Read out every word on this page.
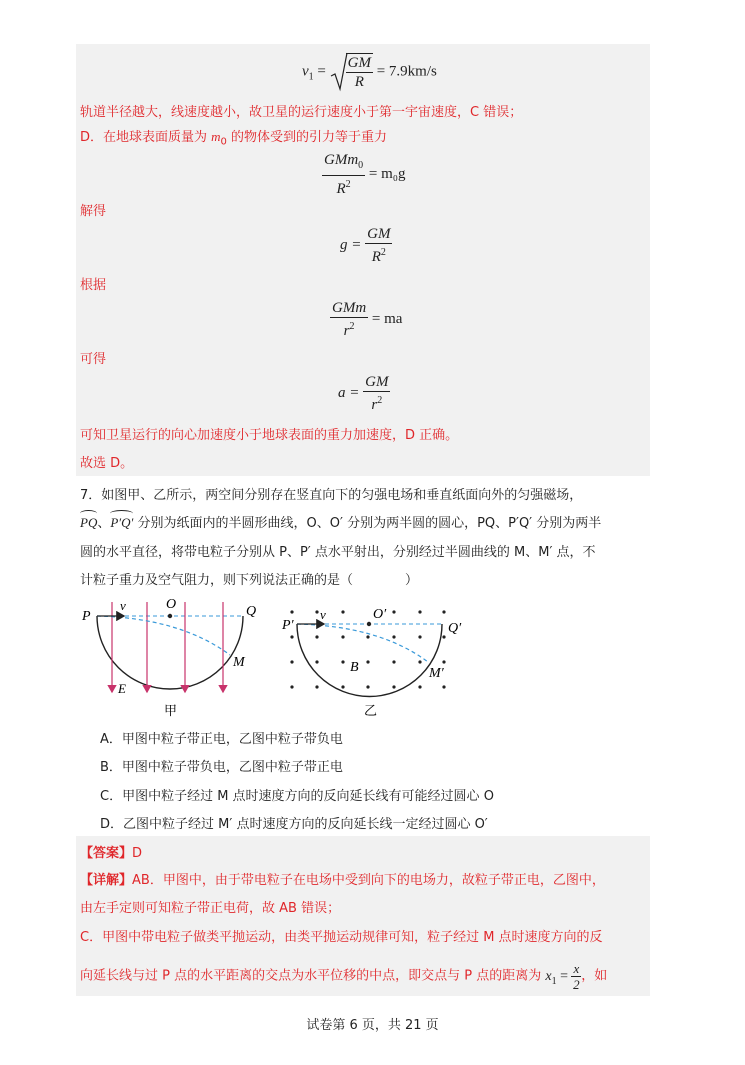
$v_1 = \frac{GM}{R} = 7.9km/s$
轨道半径越大，线速度越小，故卫星的运行速度小于第一宇宙速度，C 错误；
D．在地球表面质量为 $m_0$ 的物体受到的引力等于重力
$\frac{GMm_0}{R^2} = m_0g$
解得
$g = \frac{GM}{R^2}$
根据
$\frac{\text{GMm}}{r^2}$ = ma
可得
$a = \frac{GM}{r^2}$
可知卫星运行的向心加速度小于地球表面的重力加速度，D 正确。
故选 D。
7．如图甲、乙所示，两空间分别存在竖直向下的匀强电场和垂直纸面向外的匀强磁场，
PQ、P′Q′ 分别为纸面内的半圆形曲线，O、O′ 分别为两半圆的圆心，PQ、P′Q′ 分别为两半
圆的水平直径，将带电粒子分别从 P、P′ 点水平射出，分别经过半圆曲线的 M、M′ 点，不
计粒子重力及空气阻力，则下列说法正确的是（　　　　）
P
v	O	Q
M
E
甲
P′
v	O′
Q′
M′
B
乙
A．甲图中粒子带正电，乙图中粒子带负电
B．甲图中粒子带负电，乙图中粒子带正电
C．甲图中粒子经过 M 点时速度方向的反向延长线有可能经过圆心 O
D．乙图中粒子经过 M′ 点时速度方向的反向延长线一定经过圆心 O′
【答案】D
【详解】AB．甲图中，由于带电粒子在电场中受到向下的电场力，故粒子带正电，乙图中，
由左手定则可知粒子带正电荷，故 AB 错误；
C．甲图中带电粒子做类平抛运动，由类平抛运动规律可知，粒子经过 M 点时速度方向的反
向延长线与过 P 点的水平距离的交点为水平位移的中点，即交点与 P 点的距离为 $x_1 = \frac{x}{2}$ ，如
试卷第 6 页，共 21 页
